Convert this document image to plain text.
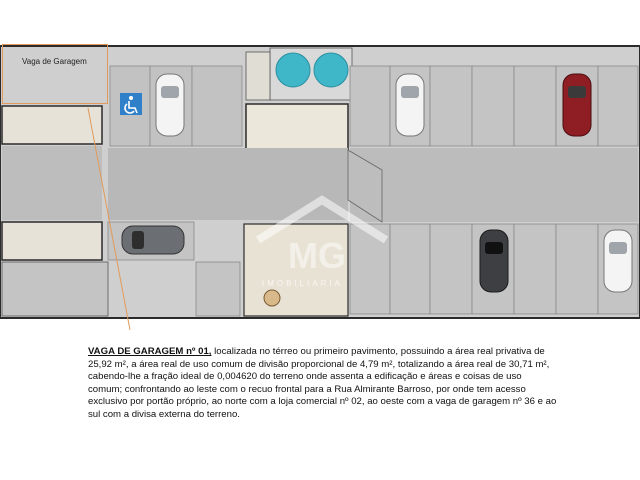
MG
IMOBILIÁRIA
Vaga de Garagem
VAGA DE GARAGEM nº 01, localizada no térreo ou primeiro pavimento, possuindo a área real privativa de 25,92 m², a área real de uso comum de divisão proporcional de 4,79 m², totalizando a área real de 30,71 m², cabendo-lhe a fração ideal de 0,004620 do terreno onde assenta a edificação e áreas e coisas de uso comum; confrontando ao leste com o recuo frontal para a Rua Almirante Barroso, por onde tem acesso exclusivo por portão próprio, ao norte com a loja comercial nº 02, ao oeste com a vaga de garagem nº 36 e ao sul com a divisa externa do terreno.
